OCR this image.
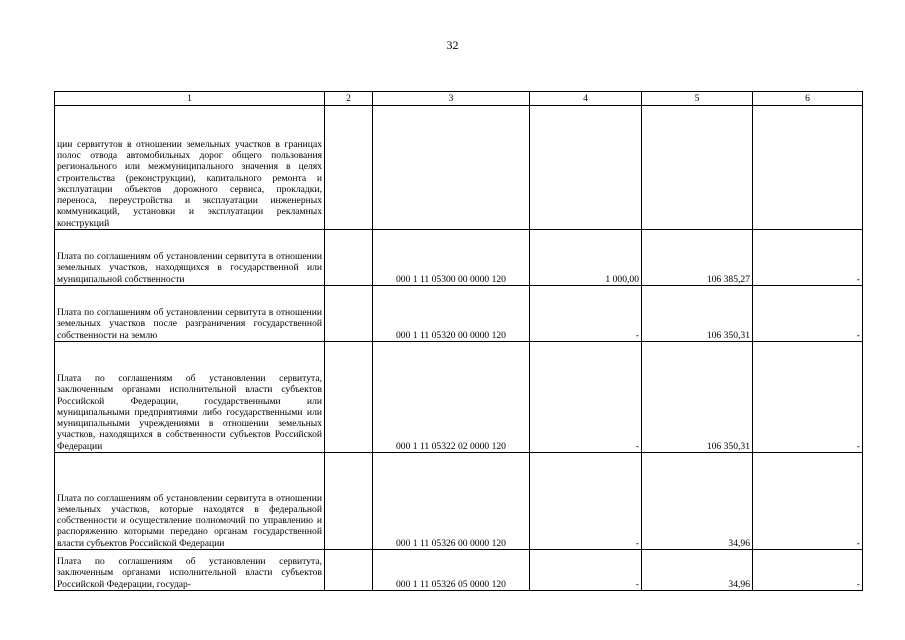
32
1	2	3	4	5	6
ции сервитутов в отношении земельных участков в границах полос отвода автомобильных дорог общего пользования регионального или межмуниципального значения в целях строительства (реконструкции), капитального ремонта и эксплуатации объектов дорожного сервиса, прокладки, переноса, переустройства и эксплуатации инженерных коммуникаций, установки и эксплуатации рекламных конструкций					
Плата по соглашениям об установлении сервитута в отношении земельных участков, находящихся в государственной или муниципальной собственности		000 1 11 05300 00 0000 120	1 000,00	106 385,27	-
Плата по соглашениям об установлении сервитута в отношении земельных участков после разграничения государственной собственности на землю		000 1 11 05320 00 0000 120	-	106 350,31	-
Плата по соглашениям об установлении сервитута, заключенным органами исполнительной власти субъектов Российской Федерации, государственными или муниципальными предприятиями либо государственными или муниципальными учреждениями в отношении земельных участков, находящихся в собственности субъектов Российской Федерации		000 1 11 05322 02 0000 120	-	106 350,31	-
Плата по соглашениям об установлении сервитута в отношении земельных участков, которые находятся в федеральной собственности и осуществление полномочий по управлению и распоряжению которыми передано органам государственной власти субъектов Российской Федерации		000 1 11 05326 00 0000 120	-	34,96	-
Плата по соглашениям об установлении сервитута, заключенным органами исполнительной власти субъектов Российской Федерации, государ-		000 1 11 05326 05 0000 120	-	34,96	-
